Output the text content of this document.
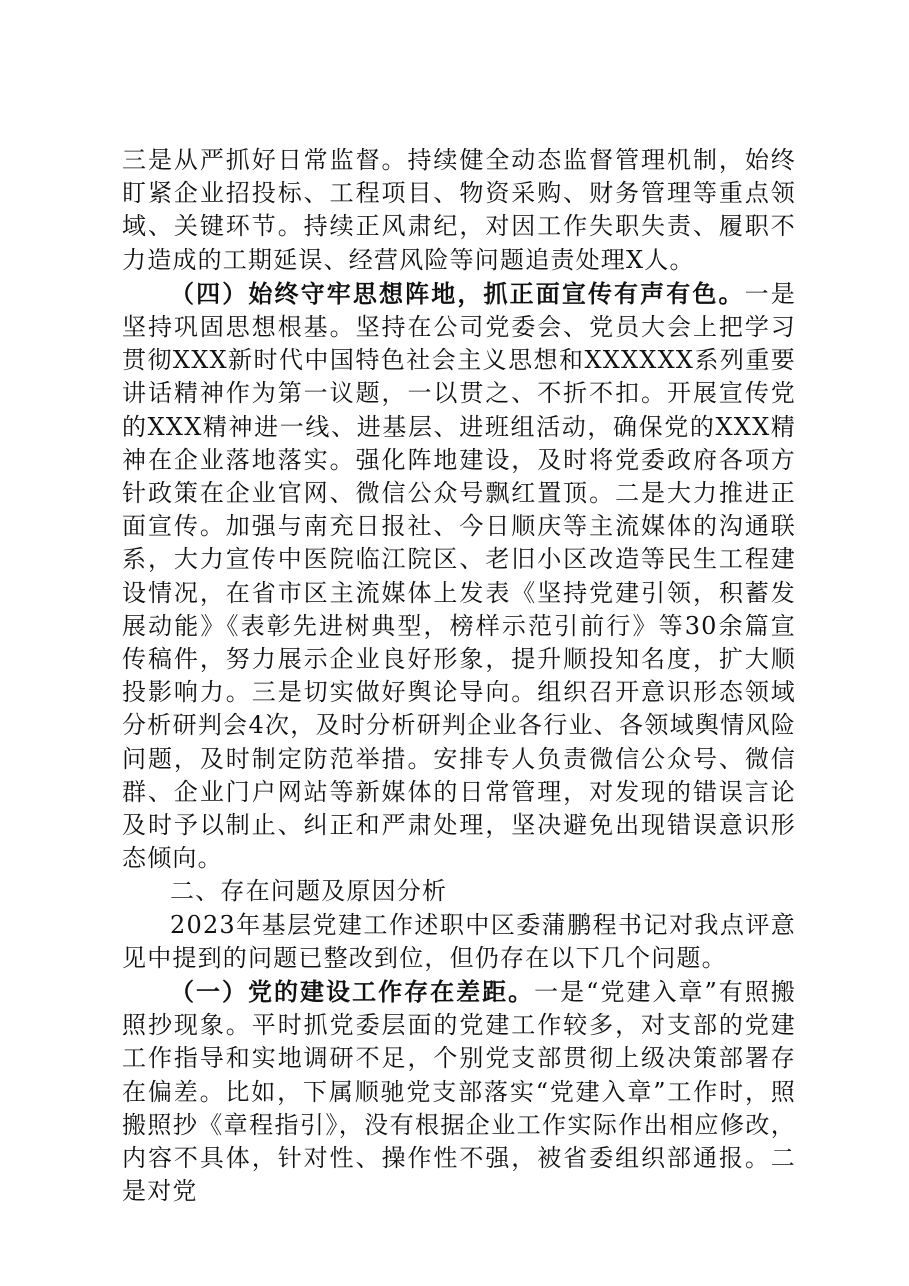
三是从严抓好日常监督。持续健全动态监督管理机制，始终盯紧企业招投标、工程项目、物资采购、财务管理等重点领域、关键环节。持续正风肃纪，对因工作失职失责、履职不力造成的工期延误、经营风险等问题追责处理X人。

（四）始终守牢思想阵地，抓正面宣传有声有色。一是坚持巩固思想根基。坚持在公司党委会、党员大会上把学习贯彻XXX新时代中国特色社会主义思想和XXXXXX系列重要讲话精神作为第一议题，一以贯之、不折不扣。开展宣传党的XXX精神进一线、进基层、进班组活动，确保党的XXX精神在企业落地落实。强化阵地建设，及时将党委政府各项方针政策在企业官网、微信公众号飘红置顶。二是大力推进正面宣传。加强与南充日报社、今日顺庆等主流媒体的沟通联系，大力宣传中医院临江院区、老旧小区改造等民生工程建设情况，在省市区主流媒体上发表《坚持党建引领，积蓄发展动能》《表彰先进树典型，榜样示范引前行》等30余篇宣传稿件，努力展示企业良好形象，提升顺投知名度，扩大顺投影响力。三是切实做好舆论导向。组织召开意识形态领域分析研判会4次，及时分析研判企业各行业、各领域舆情风险问题，及时制定防范举措。安排专人负责微信公众号、微信群、企业门户网站等新媒体的日常管理，对发现的错误言论及时予以制止、纠正和严肃处理，坚决避免出现错误意识形态倾向。

二、存在问题及原因分析

2023年基层党建工作述职中区委蒲鹏程书记对我点评意见中提到的问题已整改到位，但仍存在以下几个问题。

（一）党的建设工作存在差距。一是“党建入章”有照搬照抄现象。平时抓党委层面的党建工作较多，对支部的党建工作指导和实地调研不足，个别党支部贯彻上级决策部署存在偏差。比如，下属顺驰党支部落实“党建入章”工作时，照搬照抄《章程指引》，没有根据企业工作实际作出相应修改，内容不具体，针对性、操作性不强，被省委组织部通报。二是对党
